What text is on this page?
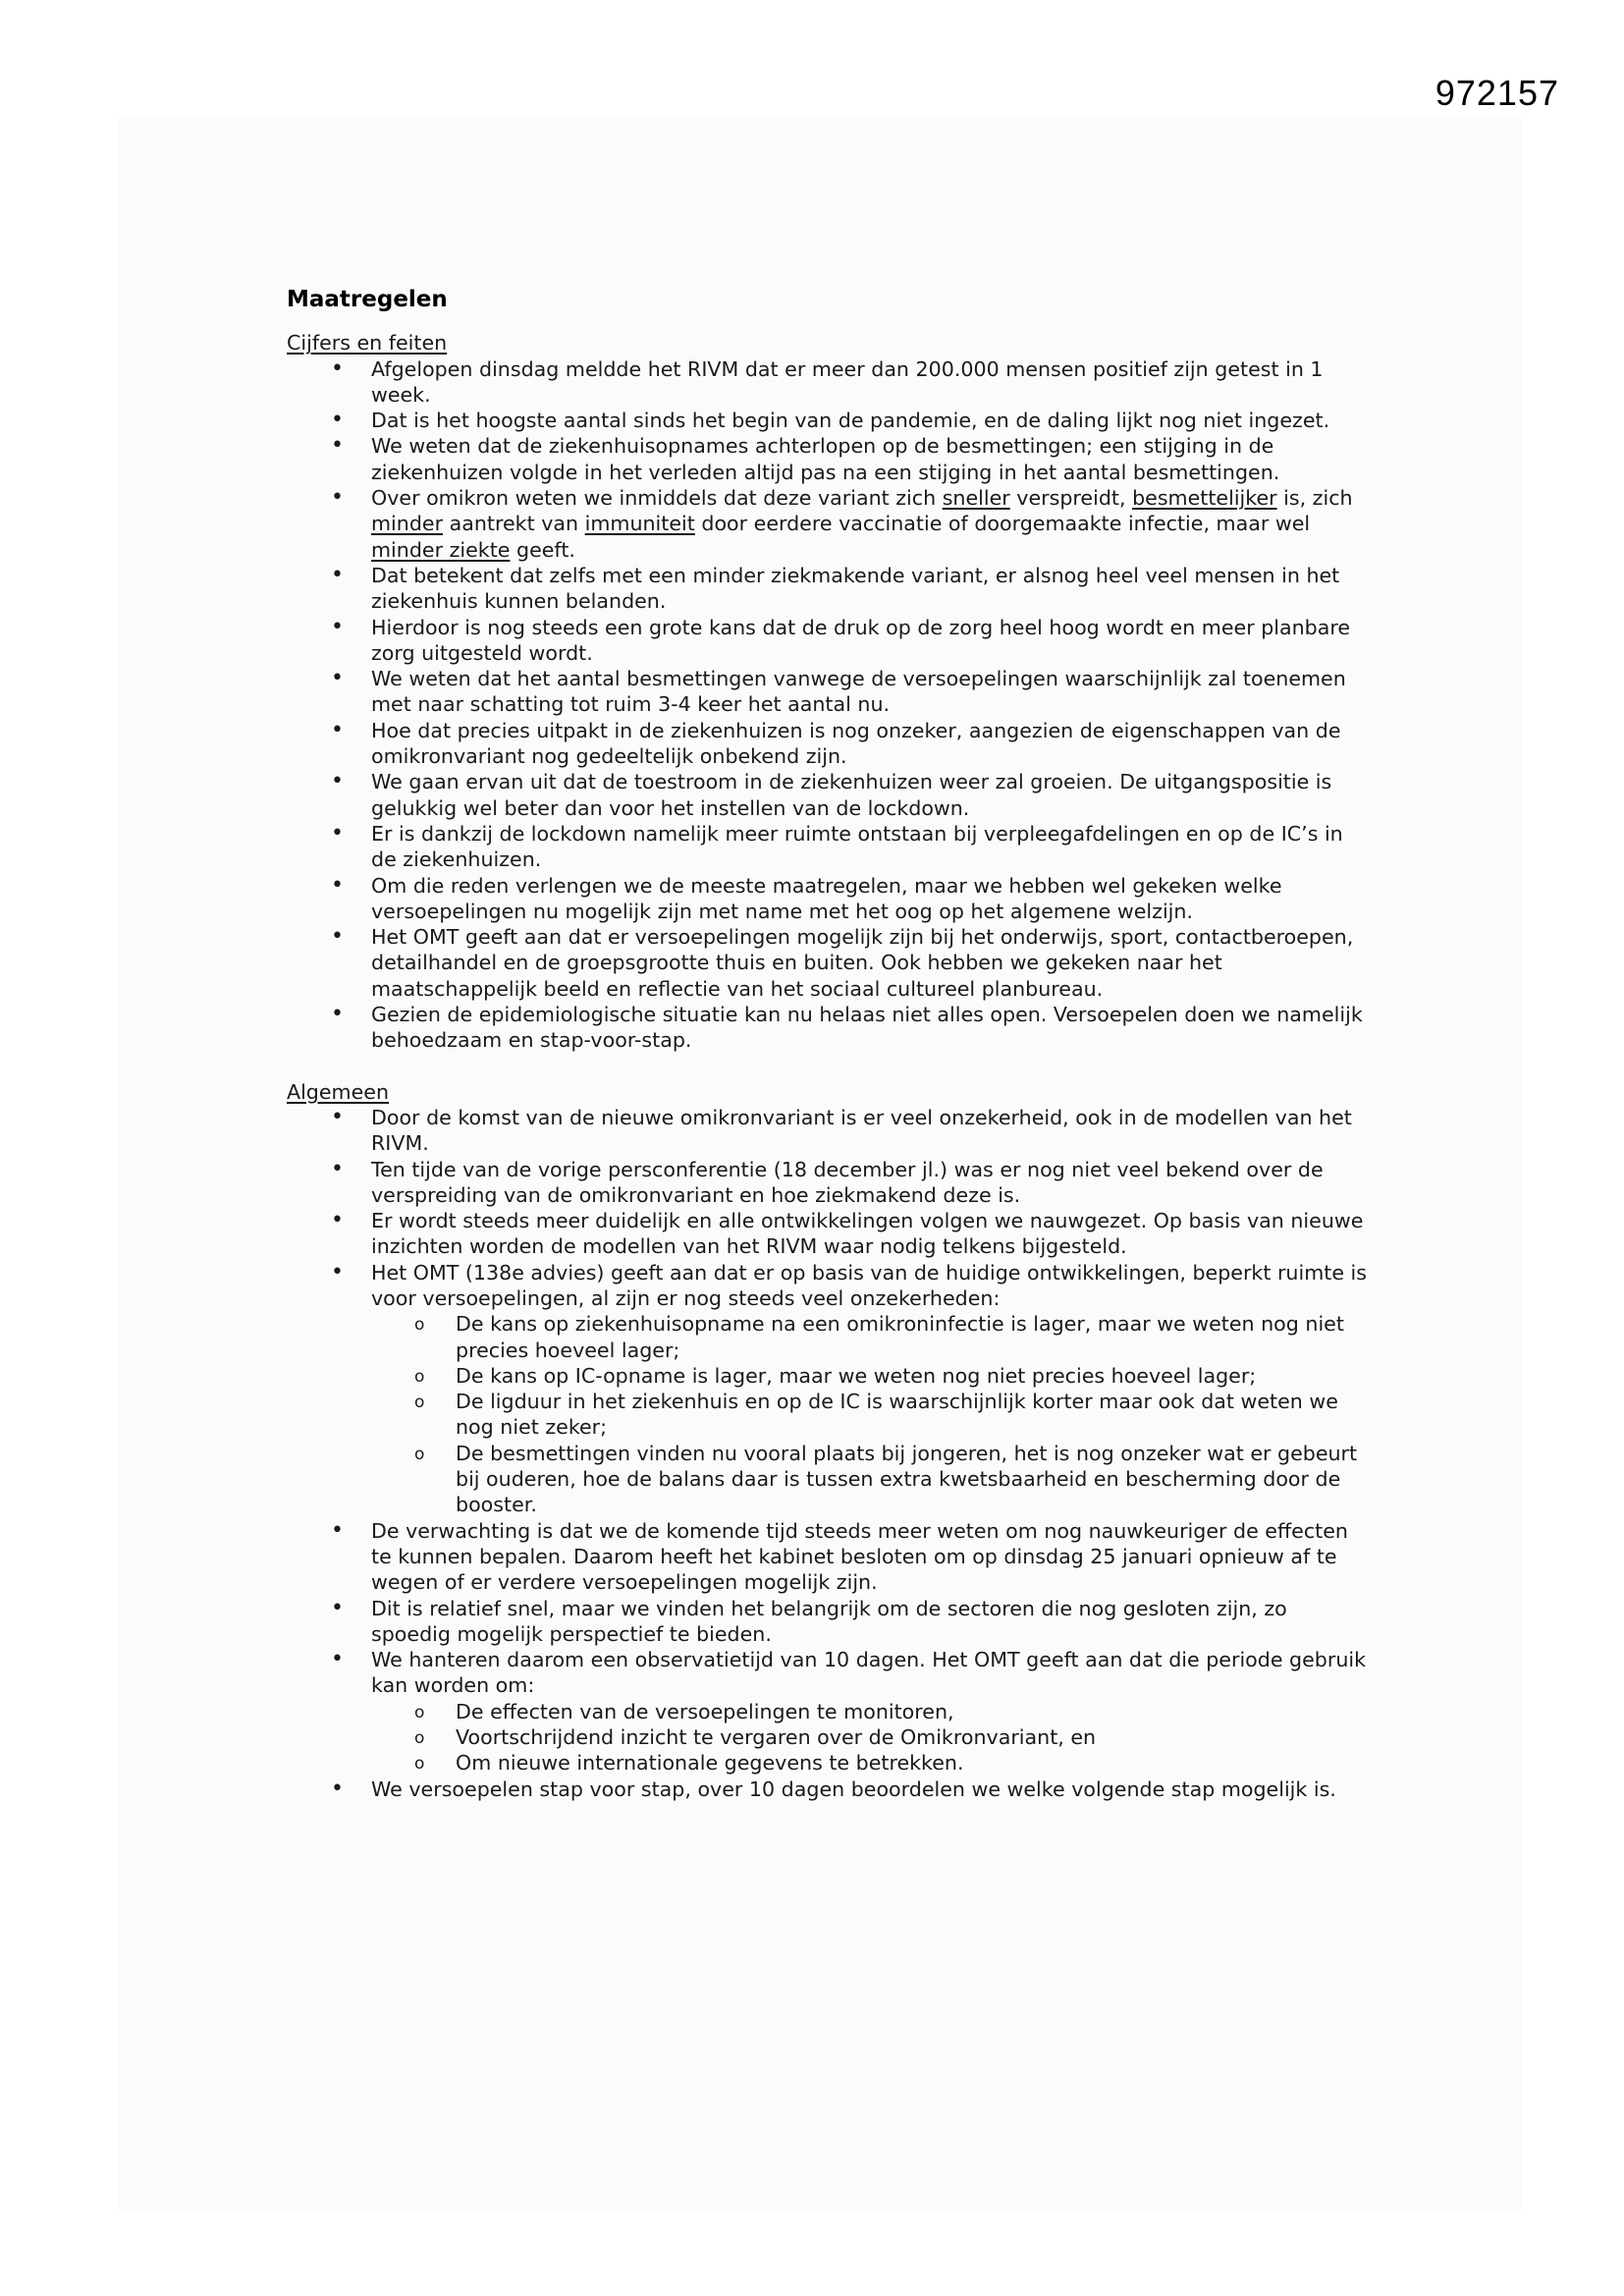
972157
Maatregelen
Cijfers en feiten
• Afgelopen dinsdag meldde het RIVM dat er meer dan 200.000 mensen positief zijn getest in 1 week.
• Dat is het hoogste aantal sinds het begin van de pandemie, en de daling lijkt nog niet ingezet.
• We weten dat de ziekenhuisopnames achterlopen op de besmettingen; een stijging in de ziekenhuizen volgde in het verleden altijd pas na een stijging in het aantal besmettingen.
• Over omikron weten we inmiddels dat deze variant zich sneller verspreidt, besmettelijker is, zich minder aantrekt van immuniteit door eerdere vaccinatie of doorgemaakte infectie, maar wel minder ziekte geeft.
• Dat betekent dat zelfs met een minder ziekmakende variant, er alsnog heel veel mensen in het ziekenhuis kunnen belanden.
• Hierdoor is nog steeds een grote kans dat de druk op de zorg heel hoog wordt en meer planbare zorg uitgesteld wordt.
• We weten dat het aantal besmettingen vanwege de versoepelingen waarschijnlijk zal toenemen met naar schatting tot ruim 3-4 keer het aantal nu.
• Hoe dat precies uitpakt in de ziekenhuizen is nog onzeker, aangezien de eigenschappen van de omikronvariant nog gedeeltelijk onbekend zijn.
• We gaan ervan uit dat de toestroom in de ziekenhuizen weer zal groeien. De uitgangspositie is gelukkig wel beter dan voor het instellen van de lockdown.
• Er is dankzij de lockdown namelijk meer ruimte ontstaan bij verpleegafdelingen en op de IC’s in de ziekenhuizen.
• Om die reden verlengen we de meeste maatregelen, maar we hebben wel gekeken welke versoepelingen nu mogelijk zijn met name met het oog op het algemene welzijn.
• Het OMT geeft aan dat er versoepelingen mogelijk zijn bij het onderwijs, sport, contactberoepen, detailhandel en de groepsgrootte thuis en buiten. Ook hebben we gekeken naar het maatschappelijk beeld en reflectie van het sociaal cultureel planbureau.
• Gezien de epidemiologische situatie kan nu helaas niet alles open. Versoepelen doen we namelijk behoedzaam en stap-voor-stap.
Algemeen
• Door de komst van de nieuwe omikronvariant is er veel onzekerheid, ook in de modellen van het RIVM.
• Ten tijde van de vorige persconferentie (18 december jl.) was er nog niet veel bekend over de verspreiding van de omikronvariant en hoe ziekmakend deze is.
• Er wordt steeds meer duidelijk en alle ontwikkelingen volgen we nauwgezet. Op basis van nieuwe inzichten worden de modellen van het RIVM waar nodig telkens bijgesteld.
• Het OMT (138e advies) geeft aan dat er op basis van de huidige ontwikkelingen, beperkt ruimte is voor versoepelingen, al zijn er nog steeds veel onzekerheden:
o De kans op ziekenhuisopname na een omikroninfectie is lager, maar we weten nog niet precies hoeveel lager;
o De kans op IC-opname is lager, maar we weten nog niet precies hoeveel lager;
o De ligduur in het ziekenhuis en op de IC is waarschijnlijk korter maar ook dat weten we nog niet zeker;
o De besmettingen vinden nu vooral plaats bij jongeren, het is nog onzeker wat er gebeurt bij ouderen, hoe de balans daar is tussen extra kwetsbaarheid en bescherming door de booster.
• De verwachting is dat we de komende tijd steeds meer weten om nog nauwkeuriger de effecten te kunnen bepalen. Daarom heeft het kabinet besloten om op dinsdag 25 januari opnieuw af te wegen of er verdere versoepelingen mogelijk zijn.
• Dit is relatief snel, maar we vinden het belangrijk om de sectoren die nog gesloten zijn, zo spoedig mogelijk perspectief te bieden.
• We hanteren daarom een observatietijd van 10 dagen. Het OMT geeft aan dat die periode gebruik kan worden om:
o De effecten van de versoepelingen te monitoren,
o Voortschrijdend inzicht te vergaren over de Omikronvariant, en
o Om nieuwe internationale gegevens te betrekken.
• We versoepelen stap voor stap, over 10 dagen beoordelen we welke volgende stap mogelijk is.
